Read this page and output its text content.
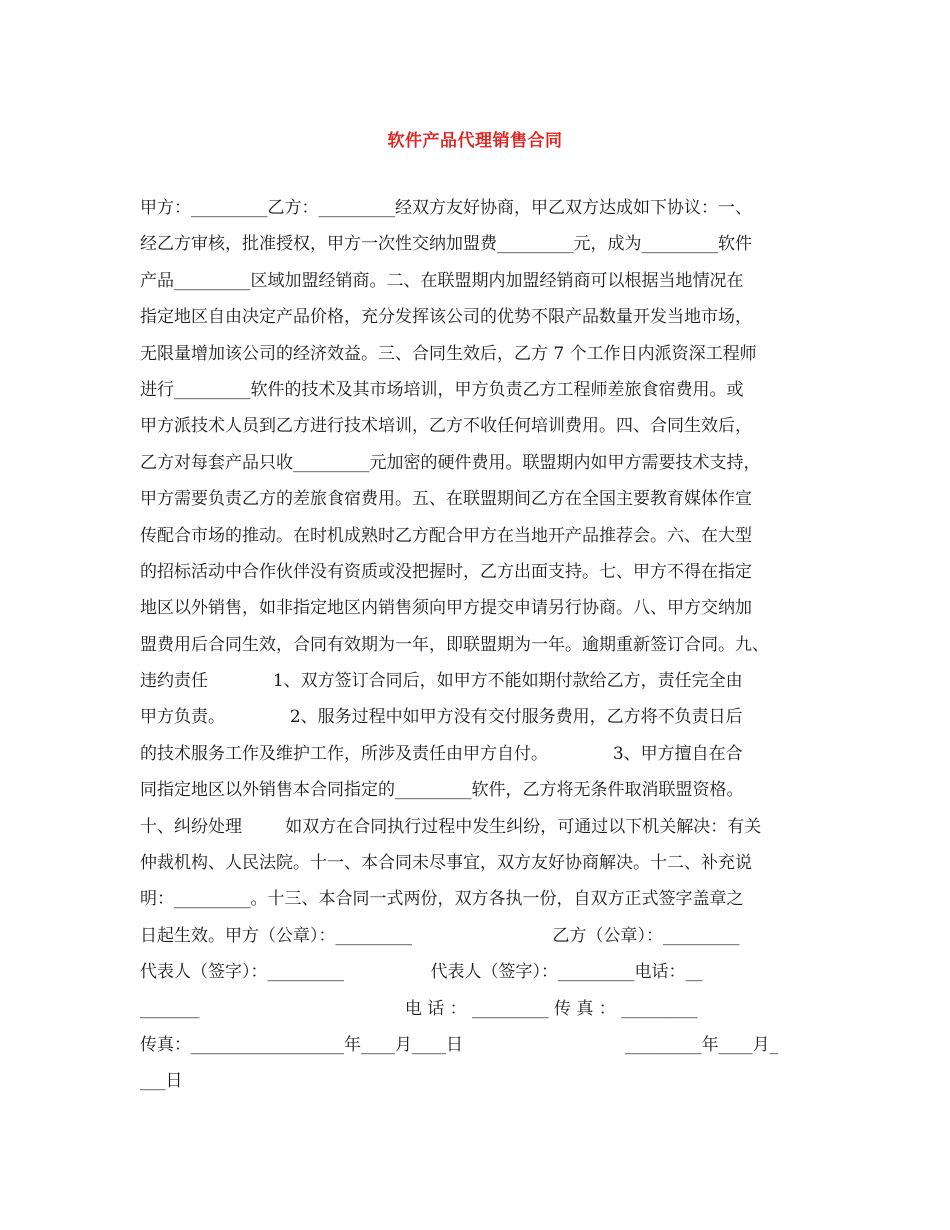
软件产品代理销售合同
甲方：_________乙方：_________经双方友好协商，甲乙双方达成如下协议：一、
经乙方审核，批准授权，甲方一次性交纳加盟费_________元，成为_________软件
产品_________区域加盟经销商。二、在联盟期内加盟经销商可以根据当地情况在
指定地区自由决定产品价格，充分发挥该公司的优势不限产品数量开发当地市场，
无限量增加该公司的经济效益。三、合同生效后，乙方 7 个工作日内派资深工程师
进行_________软件的技术及其市场培训，甲方负责乙方工程师差旅食宿费用。或
甲方派技术人员到乙方进行技术培训，乙方不收任何培训费用。四、合同生效后，
乙方对每套产品只收_________元加密的硬件费用。联盟期内如甲方需要技术支持，
甲方需要负责乙方的差旅食宿费用。五、在联盟期间乙方在全国主要教育媒体作宣
传配合市场的推动。在时机成熟时乙方配合甲方在当地开产品推荐会。六、在大型
的招标活动中合作伙伴没有资质或没把握时，乙方出面支持。七、甲方不得在指定
地区以外销售，如非指定地区内销售须向甲方提交申请另行协商。八、甲方交纳加
盟费用后合同生效，合同有效期为一年，即联盟期为一年。逾期重新签订合同。九、
违约责任            1、双方签订合同后，如甲方不能如期付款给乙方，责任完全由
甲方负责。            2、服务过程中如甲方没有交付服务费用，乙方将不负责日后
的技术服务工作及维护工作，所涉及责任由甲方自付。            3、甲方擅自在合
同指定地区以外销售本合同指定的_________软件，乙方将无条件取消联盟资格。
十、纠纷处理        如双方在合同执行过程中发生纠纷，可通过以下机关解决：有关
仲裁机构、人民法院。十一、本合同未尽事宜，双方友好协商解决。十二、补充说
明：_________。十三、本合同一式两份，双方各执一份，自双方正式签字盖章之
日起生效。甲方（公章）：_________                          乙方（公章）：_________
代表人（签字）：_________                代表人（签字）：_________电话：__
_______                                      电 话 ： _________ 传 真 ： _________
传真：__________________年____月____日                              _________年____月_
___日
